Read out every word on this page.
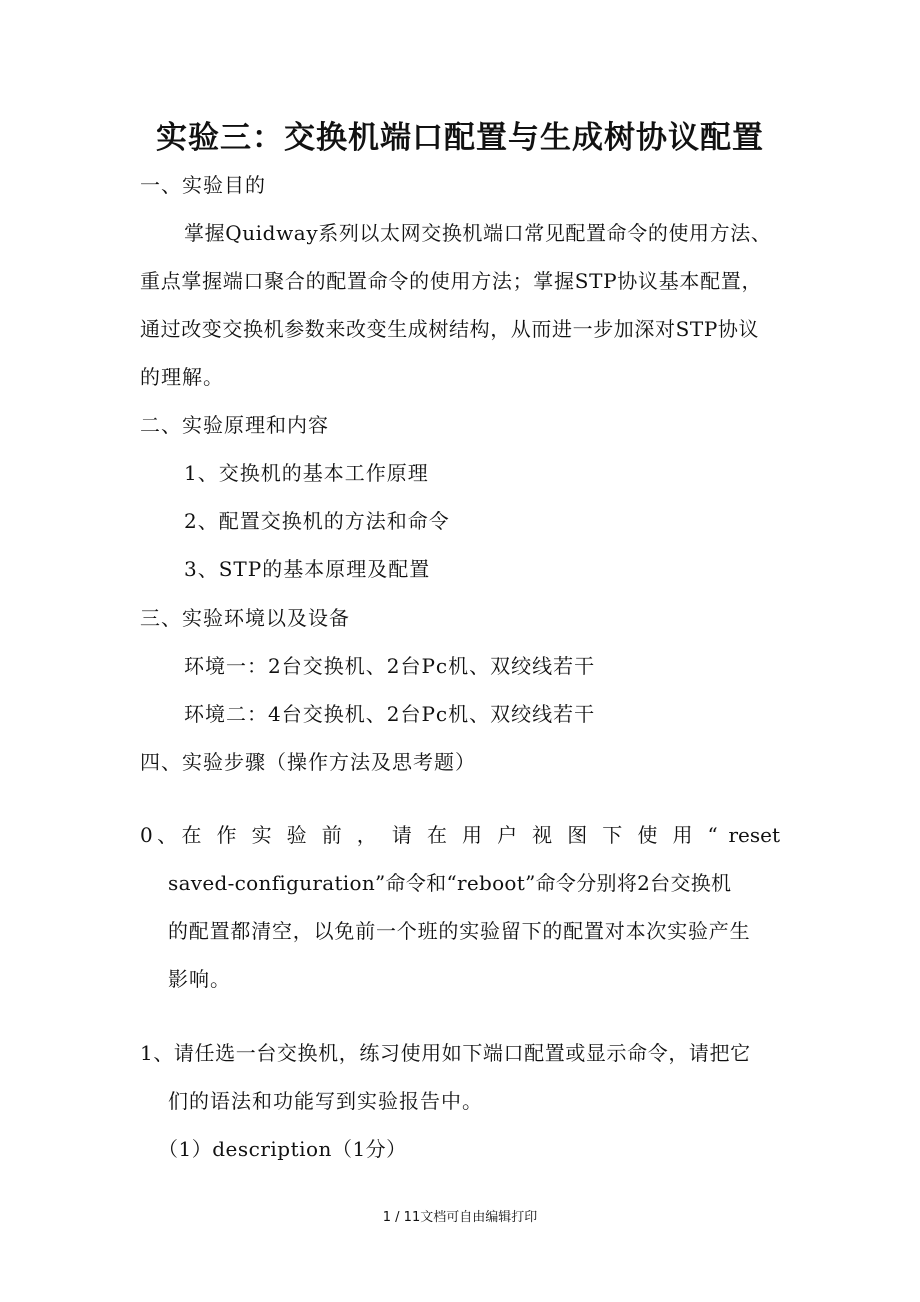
实验三：交换机端口配置与生成树协议配置
一、实验目的
掌握Quidway系列以太网交换机端口常见配置命令的使用方法、
重点掌握端口聚合的配置命令的使用方法；掌握STP协议基本配置，
通过改变交换机参数来改变生成树结构，从而进一步加深对STP协议
的理解。
二、实验原理和内容
1、交换机的基本工作原理
2、配置交换机的方法和命令
3、STP的基本原理及配置
三、实验环境以及设备
环境一：2台交换机、2台Pc机、双绞线若干
环境二：4台交换机、2台Pc机、双绞线若干
四、实验步骤（操作方法及思考题）
0、在 作 实 验 前 ， 请 在 用 户 视 图 下 使 用 “ reset
saved-configuration”命令和“reboot”命令分别将2台交换机
的配置都清空，以免前一个班的实验留下的配置对本次实验产生
影响。
1、请任选一台交换机，练习使用如下端口配置或显示命令，请把它
们的语法和功能写到实验报告中。
（1）description（1分）
1 / 11文档可自由编辑打印
